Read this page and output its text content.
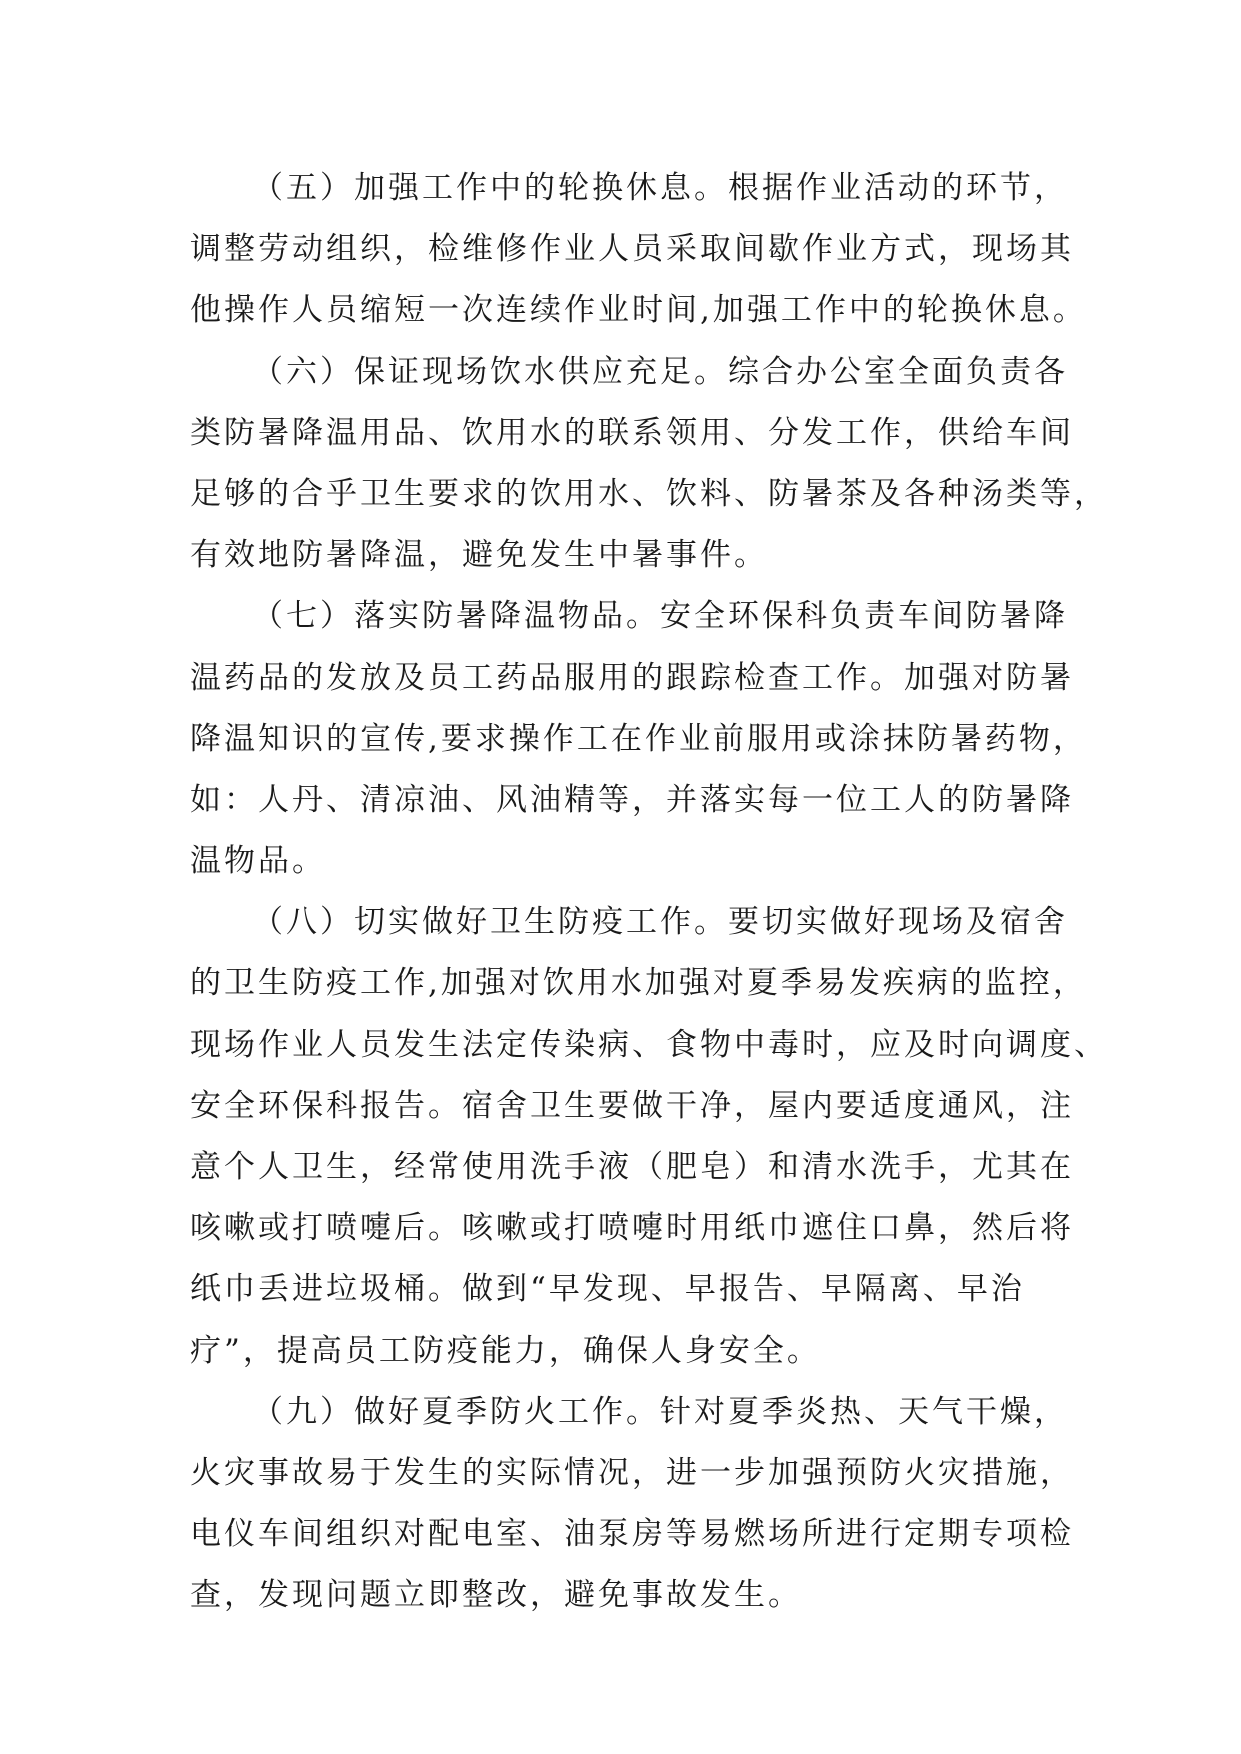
（五）加强工作中的轮换休息。根据作业活动的环节，
调整劳动组织，检维修作业人员采取间歇作业方式，现场其
他操作人员缩短一次连续作业时间,加强工作中的轮换休息。
（六）保证现场饮水供应充足。综合办公室全面负责各
类防暑降温用品、饮用水的联系领用、分发工作，供给车间
足够的合乎卫生要求的饮用水、饮料、防暑茶及各种汤类等，
有效地防暑降温，避免发生中暑事件。
（七）落实防暑降温物品。安全环保科负责车间防暑降
温药品的发放及员工药品服用的跟踪检查工作。加强对防暑
降温知识的宣传,要求操作工在作业前服用或涂抹防暑药物，
如：人丹、清凉油、风油精等，并落实每一位工人的防暑降
温物品。
（八）切实做好卫生防疫工作。要切实做好现场及宿舍
的卫生防疫工作,加强对饮用水加强对夏季易发疾病的监控，
现场作业人员发生法定传染病、食物中毒时，应及时向调度、
安全环保科报告。宿舍卫生要做干净，屋内要适度通风，注
意个人卫生，经常使用洗手液（肥皂）和清水洗手，尤其在
咳嗽或打喷嚏后。咳嗽或打喷嚏时用纸巾遮住口鼻，然后将
纸巾丢进垃圾桶。做到“早发现、早报告、早隔离、早治
疗”，提高员工防疫能力，确保人身安全。
（九）做好夏季防火工作。针对夏季炎热、天气干燥，
火灾事故易于发生的实际情况，进一步加强预防火灾措施，
电仪车间组织对配电室、油泵房等易燃场所进行定期专项检
查，发现问题立即整改，避免事故发生。
